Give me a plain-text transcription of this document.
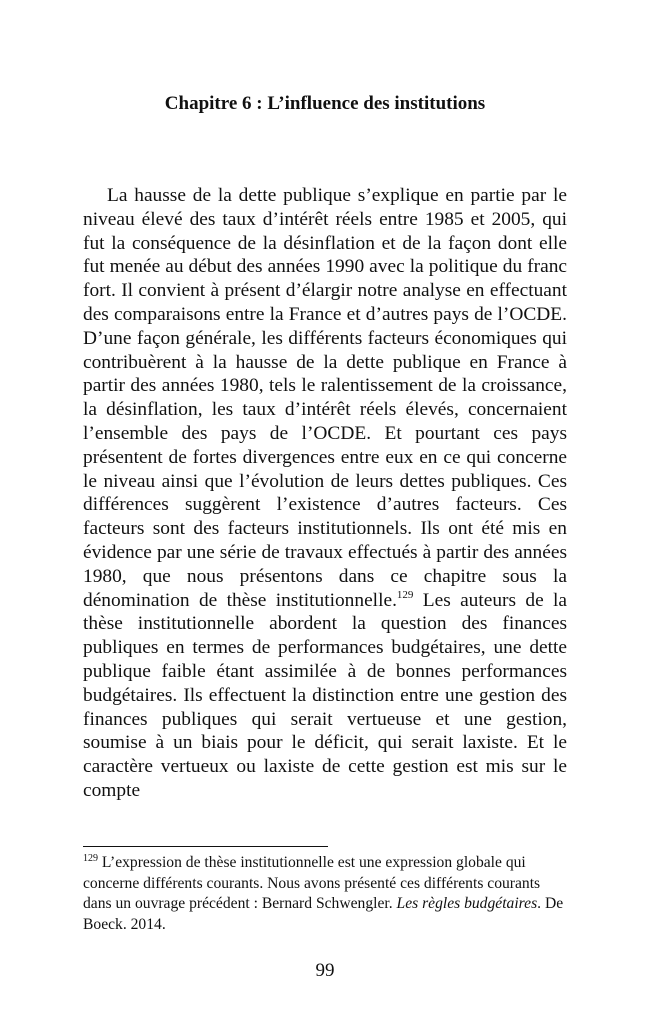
Chapitre 6 : L’influence des institutions

La hausse de la dette publique s’explique en partie par le niveau élevé des taux d’intérêt réels entre 1985 et 2005, qui fut la conséquence de la désinflation et de la façon dont elle fut menée au début des années 1990 avec la politique du franc fort. Il convient à présent d’élargir notre analyse en effectuant des comparaisons entre la France et d’autres pays de l’OCDE. D’une façon générale, les différents facteurs économiques qui contribuèrent à la hausse de la dette publique en France à partir des années 1980, tels le ralentissement de la croissance, la désinflation, les taux d’intérêt réels élevés, concernaient l’ensemble des pays de l’OCDE. Et pourtant ces pays présentent de fortes divergences entre eux en ce qui concerne le niveau ainsi que l’évolution de leurs dettes publiques. Ces différences suggèrent l’existence d’autres facteurs. Ces facteurs sont des facteurs institutionnels. Ils ont été mis en évidence par une série de travaux effectués à partir des années 1980, que nous présentons dans ce chapitre sous la dénomination de thèse institutionnelle.$^{129}$ Les auteurs de la thèse institutionnelle abordent la question des finances publiques en termes de performances budgétaires, une dette publique faible étant assimilée à de bonnes performances budgétaires. Ils effectuent la distinction entre une gestion des finances publiques qui serait vertueuse et une gestion, soumise à un biais pour le déficit, qui serait laxiste. Et le caractère vertueux ou laxiste de cette gestion est mis sur le compte

$^{129}$ L’expression de thèse institutionnelle est une expression globale qui concerne différents courants. Nous avons présenté ces différents courants dans un ouvrage précédent : Bernard Schwengler. Les règles budgétaires. De Boeck. 2014.

99
